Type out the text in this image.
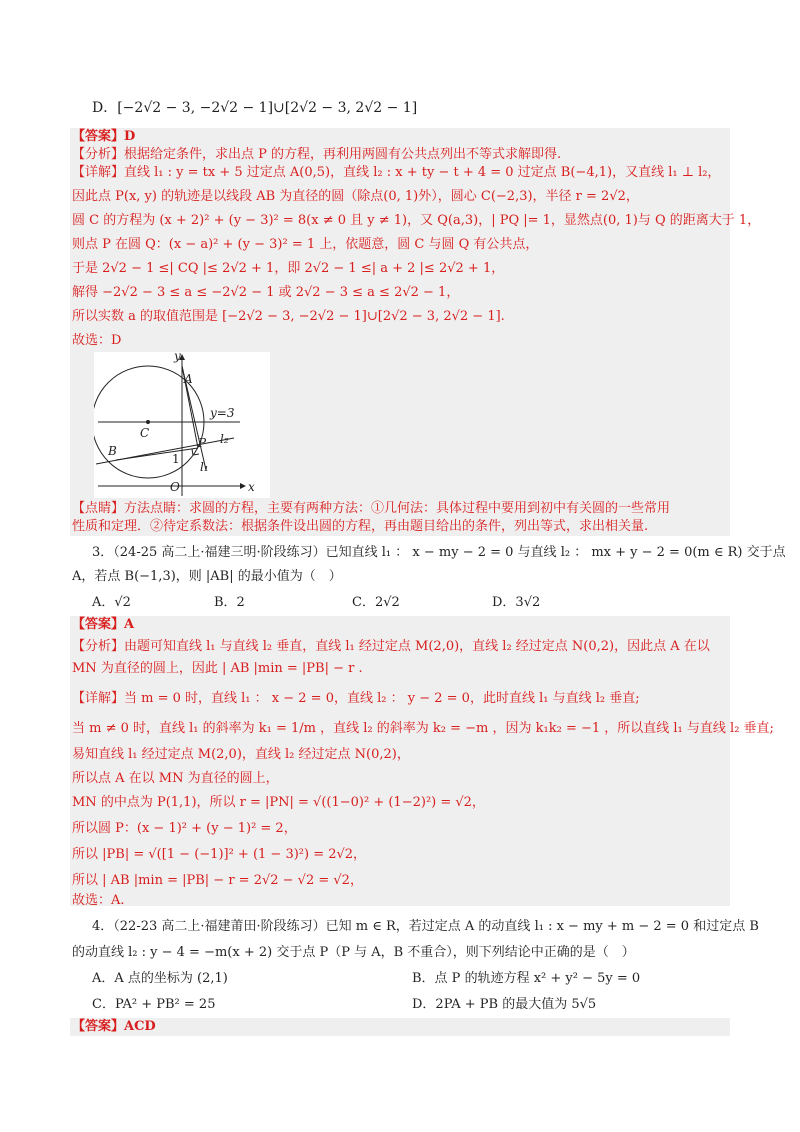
D．[−2√2 − 3, −2√2 − 1]∪[2√2 − 3, 2√2 − 1]
【答案】D
【分析】根据给定条件，求出点 P 的方程，再利用两圆有公共点列出不等式求解即得.
【详解】直线 l₁ : y = tx + 5 过定点 A(0,5)，直线 l₂ : x + ty − t + 4 = 0 过定点 B(−4,1)，又直线 l₁ ⊥ l₂，
因此点 P(x, y) 的轨迹是以线段 AB 为直径的圆（除点(0, 1)外），圆心 C(−2,3)，半径 r = 2√2，
圆 C 的方程为 (x + 2)² + (y − 3)² = 8(x ≠ 0 且 y ≠ 1)，又 Q(a,3)，| PQ |= 1，显然点(0, 1)与 Q 的距离大于 1，
则点 P 在圆 Q：(x − a)² + (y − 3)² = 1 上，依题意，圆 C 与圆 Q 有公共点，
于是 2√2 − 1 ≤| CQ |≤ 2√2 + 1，即 2√2 − 1 ≤| a + 2 |≤ 2√2 + 1，
解得 −2√2 − 3 ≤ a ≤ −2√2 − 1 或 2√2 − 3 ≤ a ≤ 2√2 − 1，
所以实数 a 的取值范围是 [−2√2 − 3, −2√2 − 1]∪[2√2 − 3, 2√2 − 1].
故选：D
y
A
y=3
C	l₂
B
P
1
l₁
O	x
【点睛】方法点睛：求圆的方程，主要有两种方法：①几何法：具体过程中要用到初中有关圆的一些常用
性质和定理．②待定系数法：根据条件设出圆的方程，再由题目给出的条件，列出等式，求出相关量.
3．（24-25 高二上·福建三明·阶段练习）已知直线 l₁ ： x − my − 2 = 0 与直线 l₂ ： mx + y − 2 = 0(m ∈ R) 交于点
A，若点 B(−1,3)，则 |AB| 的最小值为（　）
A．√2	B．2	C．2√2	D．3√2
【答案】A
【分析】由题可知直线 l₁ 与直线 l₂ 垂直，直线 l₁ 经过定点 M(2,0)，直线 l₂ 经过定点 N(0,2)，因此点 A 在以
MN 为直径的圆上，因此 | AB |min = |PB| − r .
【详解】当 m = 0 时，直线 l₁ ： x − 2 = 0，直线 l₂ ： y − 2 = 0，此时直线 l₁ 与直线 l₂ 垂直;
当 m ≠ 0 时，直线 l₁ 的斜率为 k₁ = 1/m ，直线 l₂ 的斜率为 k₂ = −m ，因为 k₁k₂ = −1 ，所以直线 l₁ 与直线 l₂ 垂直;
易知直线 l₁ 经过定点 M(2,0)，直线 l₂ 经过定点 N(0,2)，
所以点 A 在以 MN 为直径的圆上，
MN 的中点为 P(1,1)，所以 r = |PN| = √((1−0)² + (1−2)²) = √2，
所以圆 P：(x − 1)² + (y − 1)² = 2，
所以 |PB| = √([1 − (−1)]² + (1 − 3)²) = 2√2，
所以 | AB |min = |PB| − r = 2√2 − √2 = √2，
故选：A.
4．（22-23 高二上·福建莆田·阶段练习）已知 m ∈ R，若过定点 A 的动直线 l₁ : x − my + m − 2 = 0 和过定点 B
的动直线 l₂ : y − 4 = −m(x + 2) 交于点 P（P 与 A，B 不重合），则下列结论中正确的是（　）
A．A 点的坐标为 (2,1)	B．点 P 的轨迹方程 x² + y² − 5y = 0
C．PA² + PB² = 25	D．2PA + PB 的最大值为 5√5
【答案】ACD
